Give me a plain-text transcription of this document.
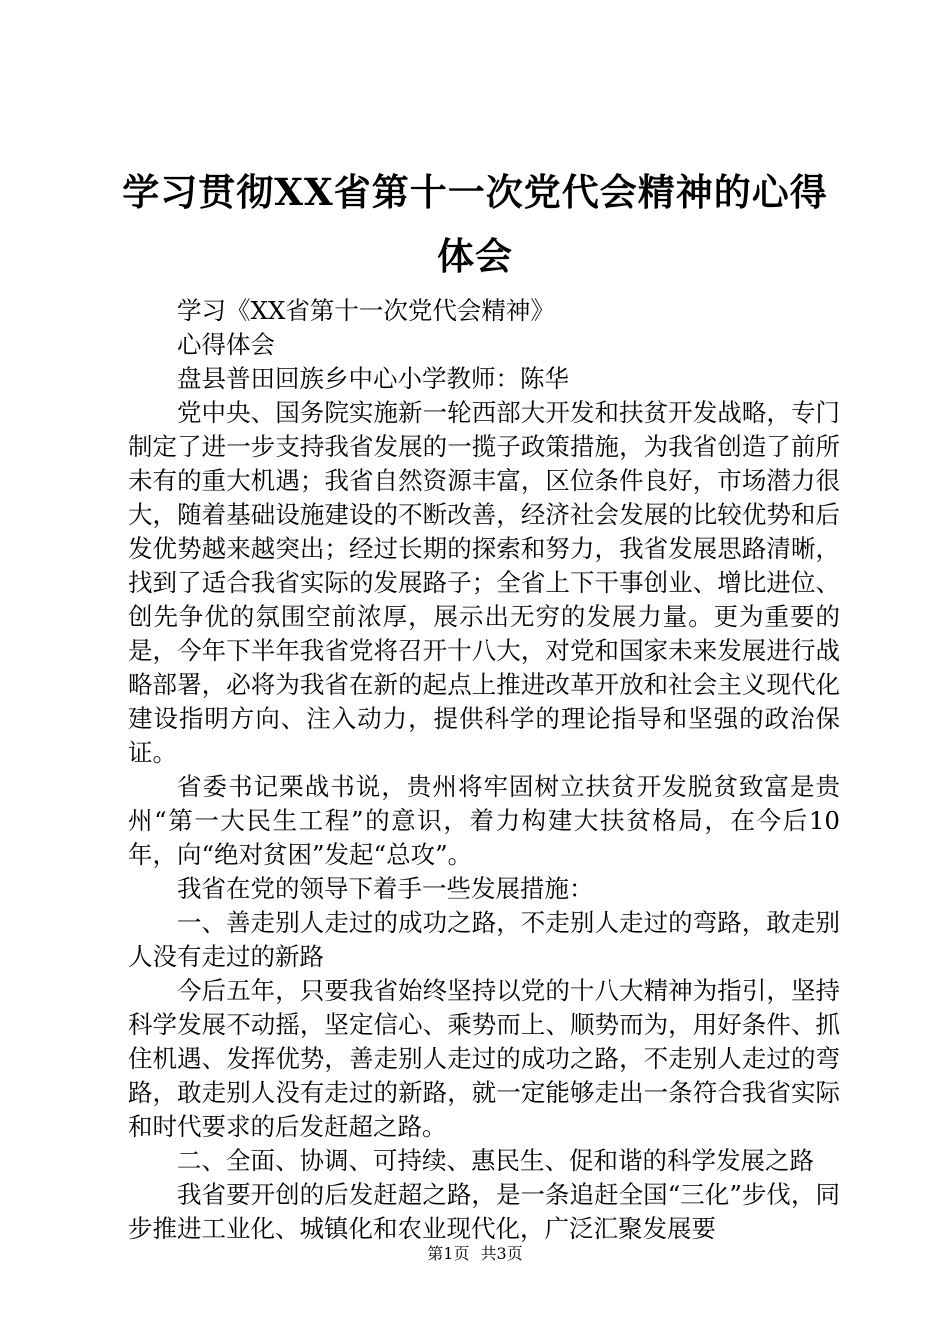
学习贯彻XX省第十一次党代会精神的心得体会

学习《XX省第十一次党代会精神》

心得体会

盘县普田回族乡中心小学教师：陈华

党中央、国务院实施新一轮西部大开发和扶贫开发战略，专门制定了进一步支持我省发展的一揽子政策措施，为我省创造了前所未有的重大机遇；我省自然资源丰富，区位条件良好，市场潜力很大，随着基础设施建设的不断改善，经济社会发展的比较优势和后发优势越来越突出；经过长期的探索和努力，我省发展思路清晰，找到了适合我省实际的发展路子；全省上下干事创业、增比进位、创先争优的氛围空前浓厚，展示出无穷的发展力量。更为重要的是，今年下半年我省党将召开十八大，对党和国家未来发展进行战略部署，必将为我省在新的起点上推进改革开放和社会主义现代化建设指明方向、注入动力，提供科学的理论指导和坚强的政治保证。

省委书记栗战书说，贵州将牢固树立扶贫开发脱贫致富是贵州“第一大民生工程”的意识，着力构建大扶贫格局，在今后10年，向“绝对贫困”发起“总攻”。

我省在党的领导下着手一些发展措施：

一、善走别人走过的成功之路，不走别人走过的弯路，敢走别人没有走过的新路

今后五年，只要我省始终坚持以党的十八大精神为指引，坚持科学发展不动摇，坚定信心、乘势而上、顺势而为，用好条件、抓住机遇、发挥优势，善走别人走过的成功之路，不走别人走过的弯路，敢走别人没有走过的新路，就一定能够走出一条符合我省实际和时代要求的后发赶超之路。

二、全面、协调、可持续、惠民生、促和谐的科学发展之路

我省要开创的后发赶超之路，是一条追赶全国“三化”步伐，同步推进工业化、城镇化和农业现代化，广泛汇聚发展要

第1页 共3页
